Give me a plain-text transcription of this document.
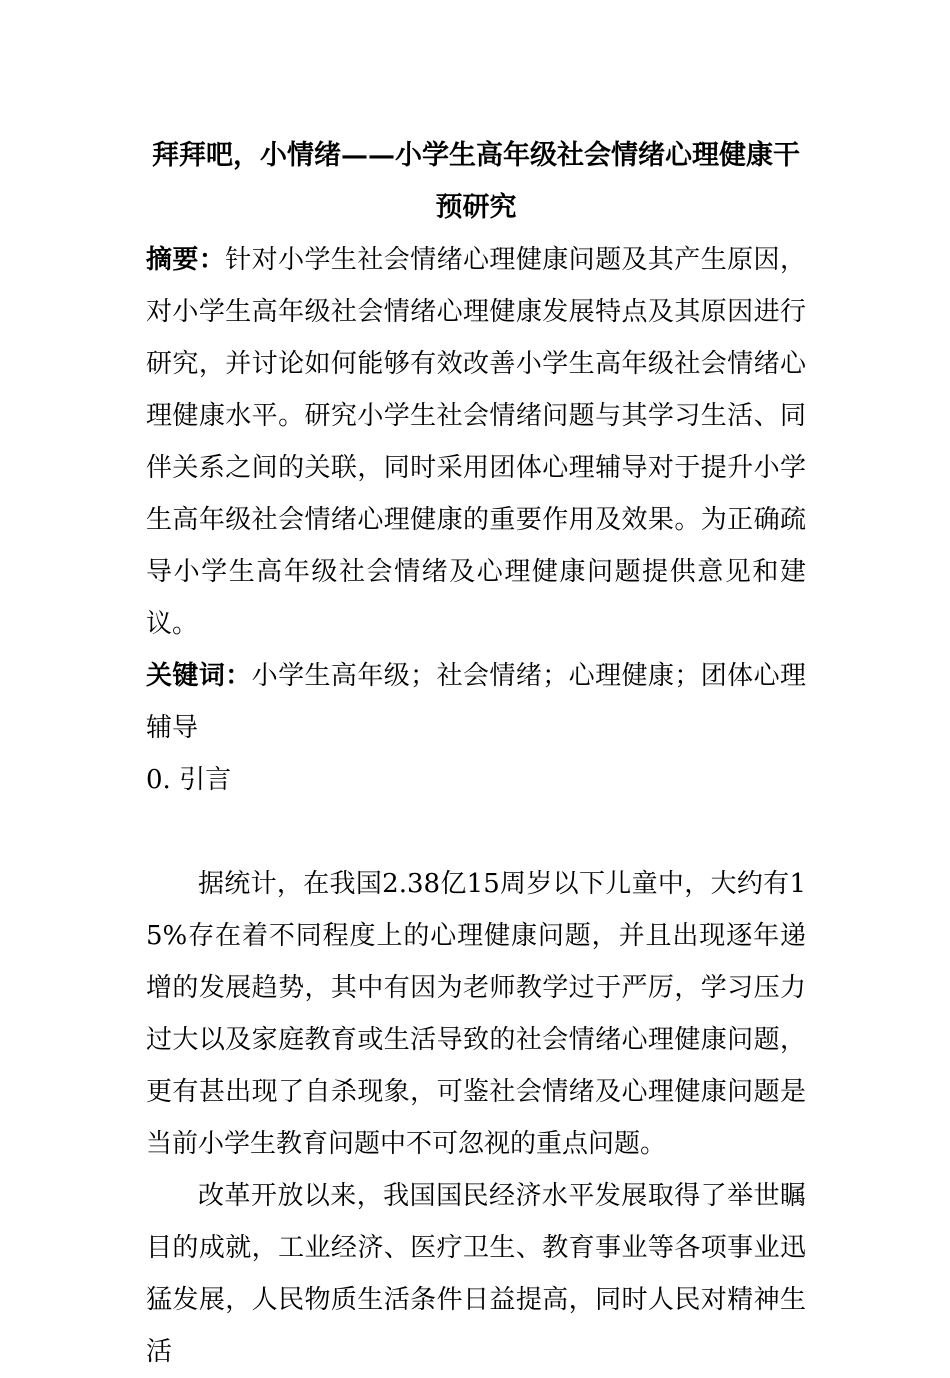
拜拜吧，小情绪——小学生高年级社会情绪心理健康干预研究

摘要：针对小学生社会情绪心理健康问题及其产生原因，对小学生高年级社会情绪心理健康发展特点及其原因进行研究，并讨论如何能够有效改善小学生高年级社会情绪心理健康水平。研究小学生社会情绪问题与其学习生活、同伴关系之间的关联，同时采用团体心理辅导对于提升小学生高年级社会情绪心理健康的重要作用及效果。为正确疏导小学生高年级社会情绪及心理健康问题提供意见和建议。

关键词：小学生高年级；社会情绪；心理健康；团体心理辅导

0. 引言

据统计，在我国2.38亿15周岁以下儿童中，大约有15%存在着不同程度上的心理健康问题，并且出现逐年递增的发展趋势，其中有因为老师教学过于严厉，学习压力过大以及家庭教育或生活导致的社会情绪心理健康问题，更有甚出现了自杀现象，可鉴社会情绪及心理健康问题是当前小学生教育问题中不可忽视的重点问题。

改革开放以来，我国国民经济水平发展取得了举世瞩目的成就，工业经济、医疗卫生、教育事业等各项事业迅猛发展，人民物质生活条件日益提高，同时人民对精神生活
